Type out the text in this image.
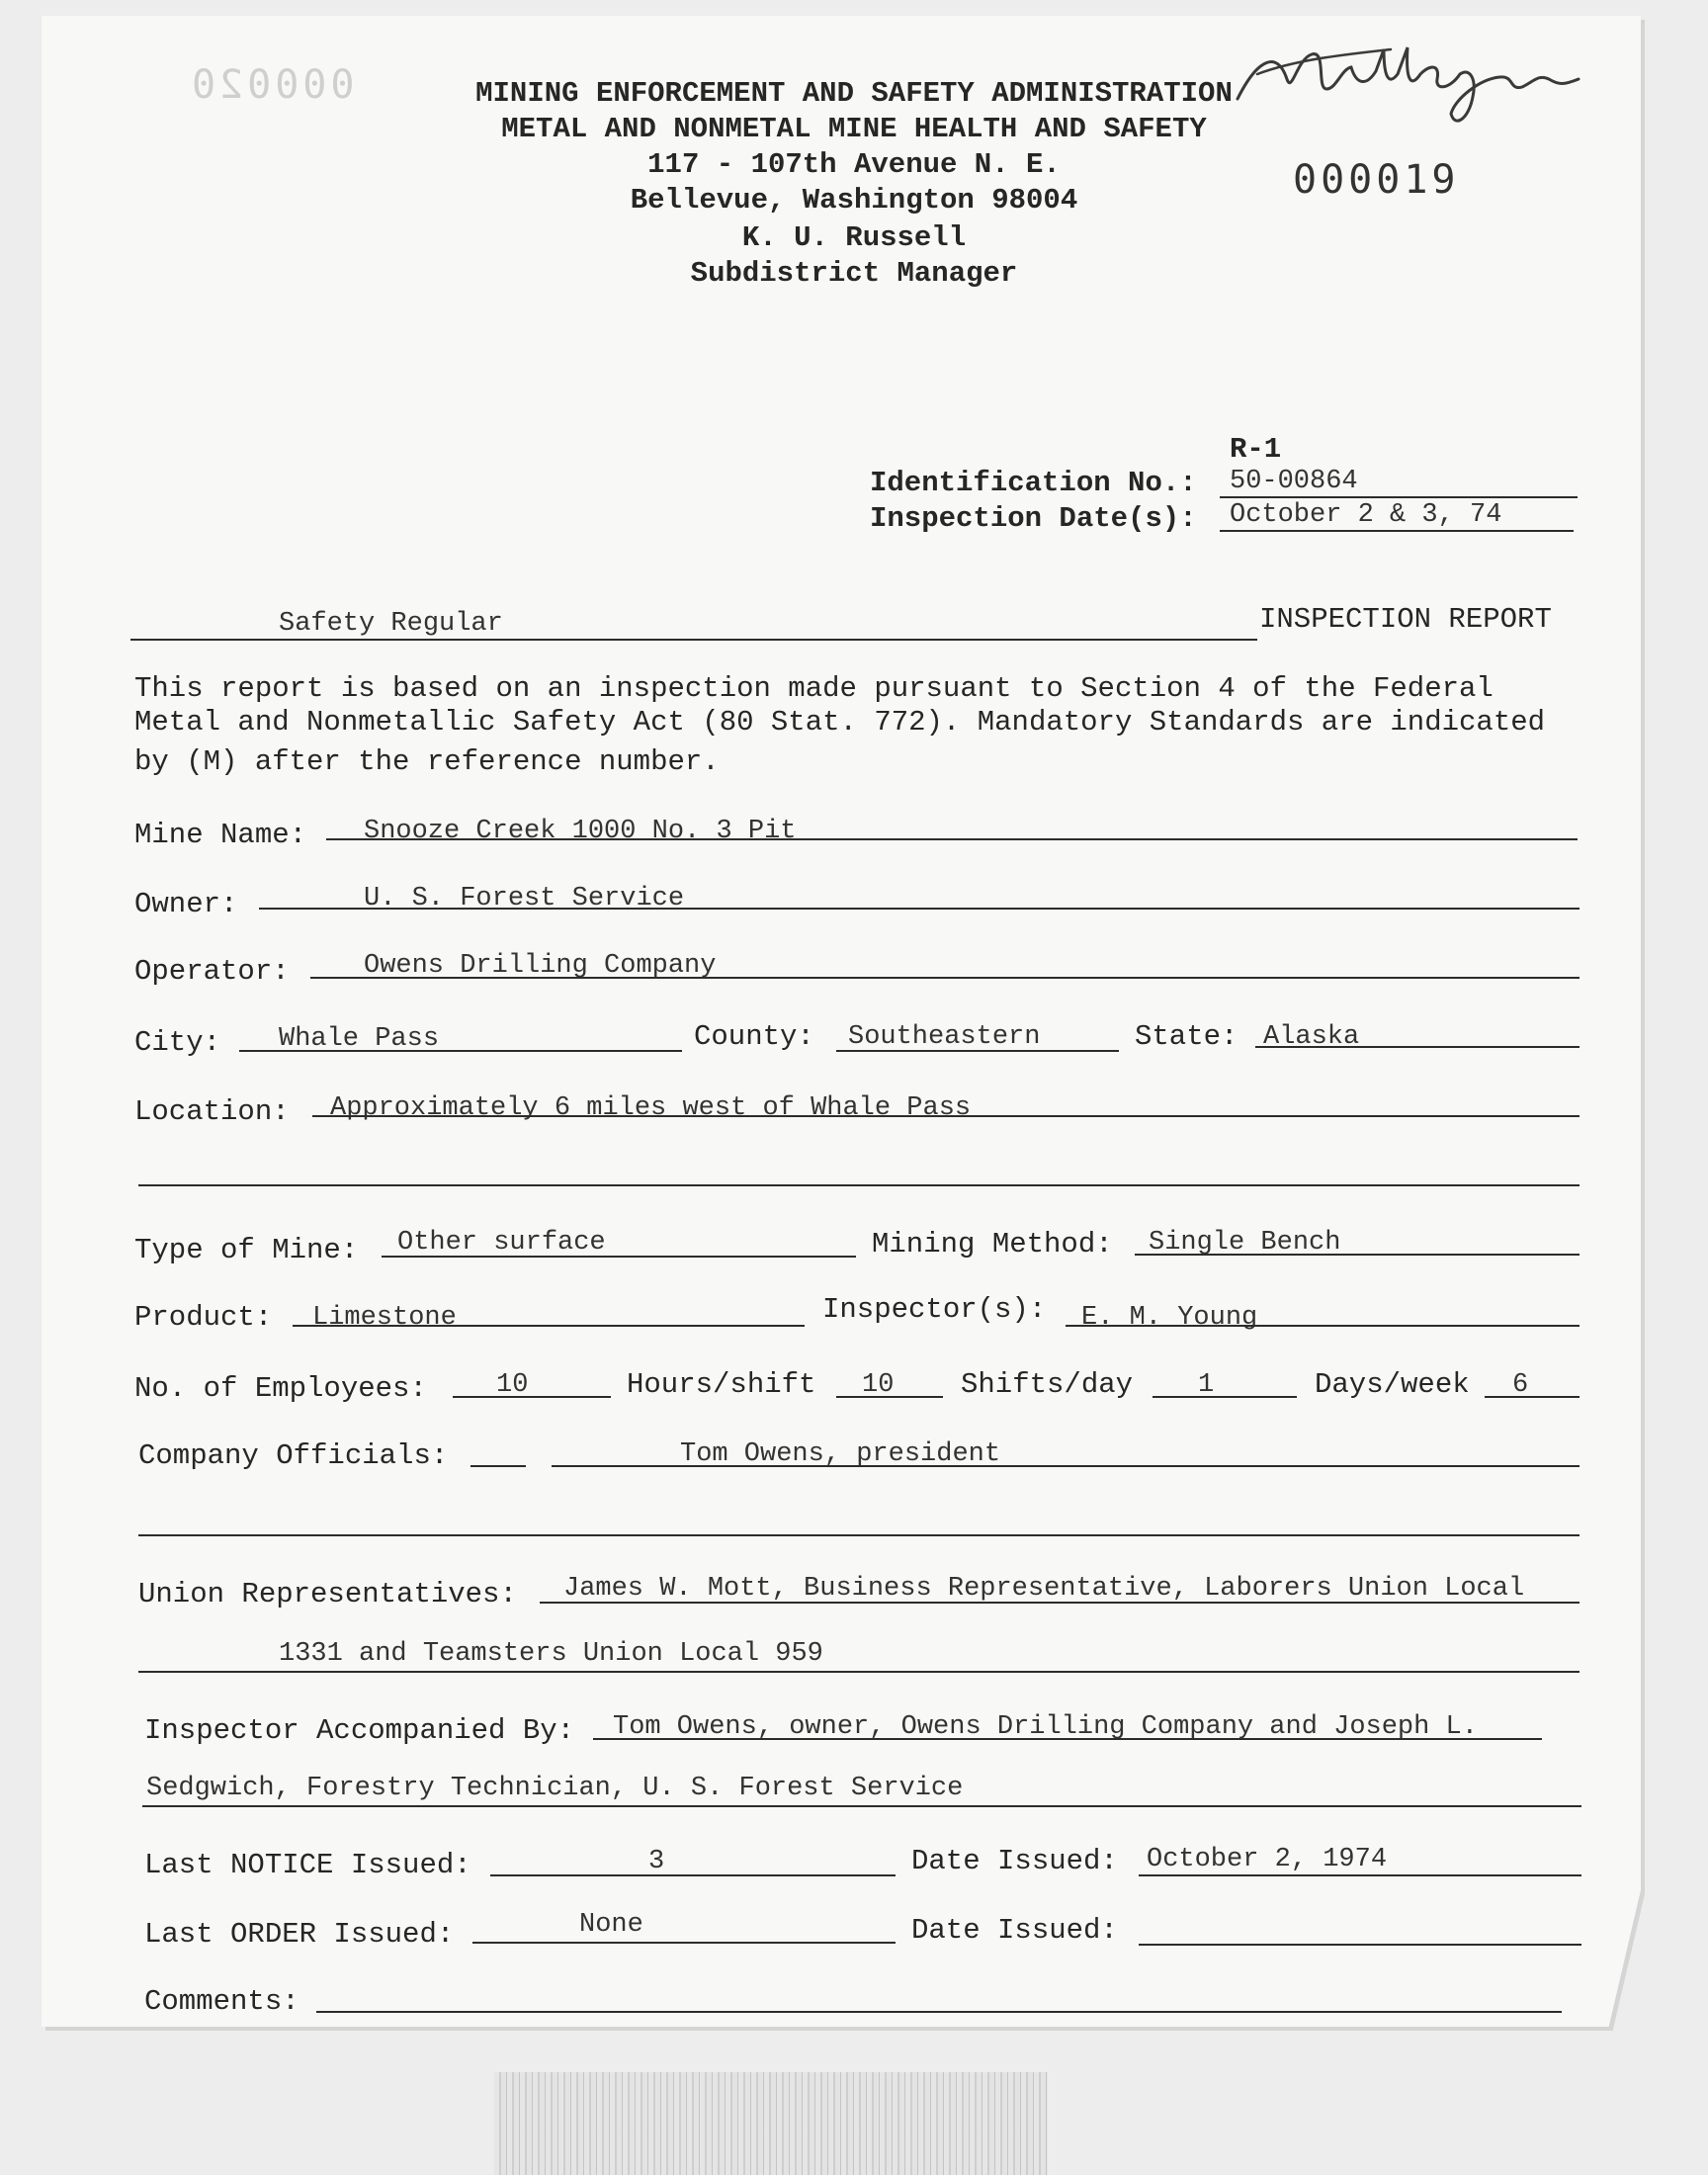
000020	MINING ENFORCEMENT AND SAFETY ADMINISTRATION
METAL AND NONMETAL MINE HEALTH AND SAFETY
117 - 107th Avenue N. E.
Bellevue, Washington 98004
K. U. Russell
Subdistrict Manager
000019
R-1
Identification No.: 50-00864
Inspection Date(s): October 2 & 3, 74
Safety Regular	INSPECTION REPORT
This report is based on an inspection made pursuant to Section 4 of the Federal
Metal and Nonmetallic Safety Act (80 Stat. 772). Mandatory Standards are indicated
by (M) after the reference number.
Mine Name: Snooze Creek 1000 No. 3 Pit
Owner:	U. S. Forest Service
Operator:	Owens Drilling Company
City: Whale Pass	County: Southeastern	State: Alaska
Location: Approximately 6 miles west of Whale Pass
Type of Mine: Other surface	Mining Method: Single Bench
Product: Limestone	Inspector(s): E. M. Young
No. of Employees:	10	Hours/shift 10 Shifts/day 1	Days/week 6
Company Officials:	Tom Owens, president
Union Representatives: James W. Mott, Business Representative, Laborers Union Local
1331 and Teamsters Union Local 959
Inspector Accompanied By: Tom Owens, owner, Owens Drilling Company and Joseph L.
Sedgwich, Forestry Technician, U. S. Forest Service
Last NOTICE Issued:	3	Date Issued: October 2, 1974
Last ORDER Issued:	None	Date Issued:
Comments:
